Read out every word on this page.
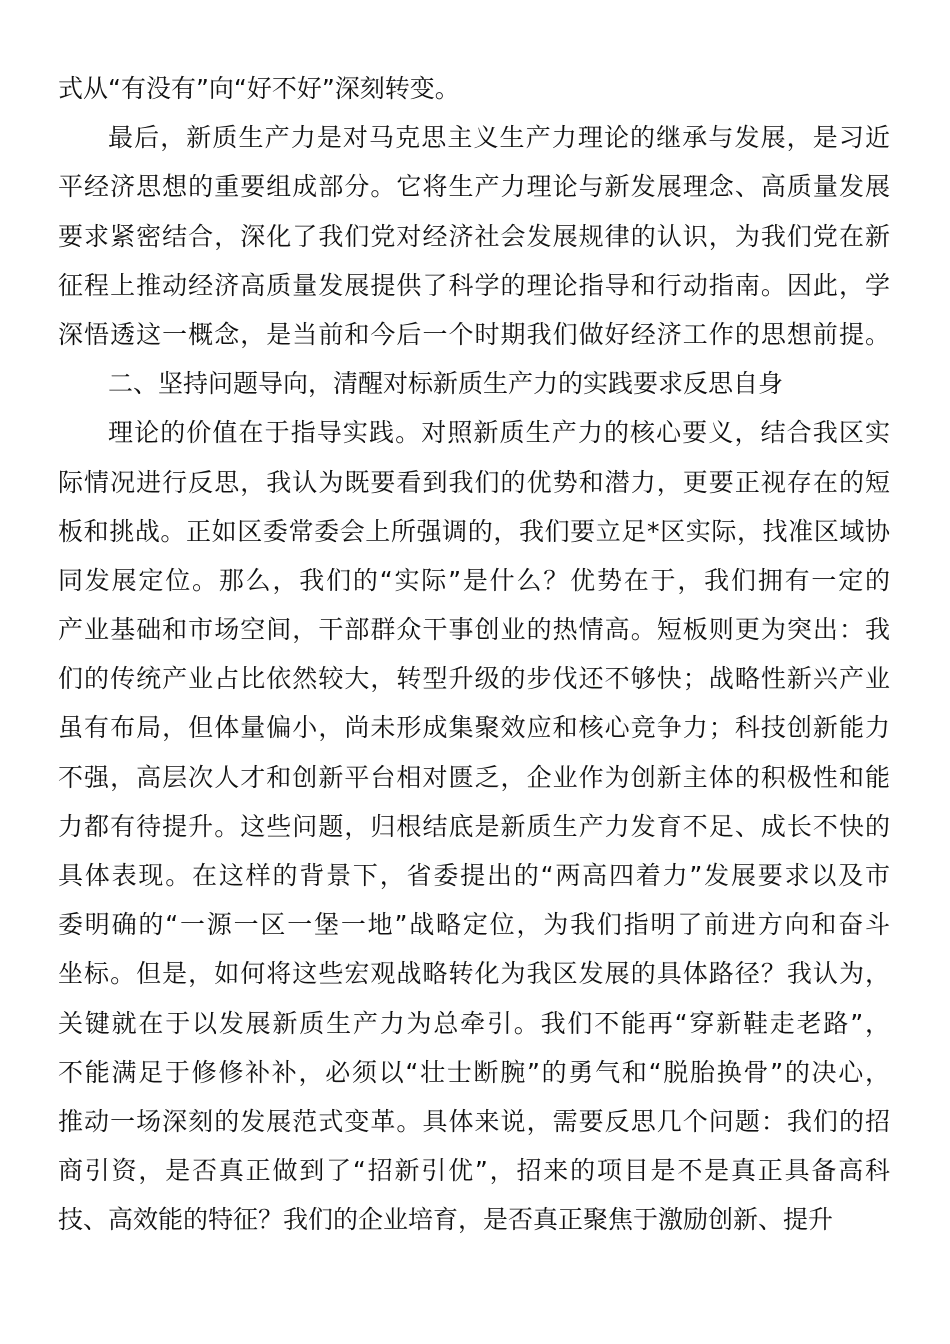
式从“有没有”向“好不好”深刻转变。
最后，新质生产力是对马克思主义生产力理论的继承与发展，是习近
平经济思想的重要组成部分。它将生产力理论与新发展理念、高质量发展
要求紧密结合，深化了我们党对经济社会发展规律的认识，为我们党在新
征程上推动经济高质量发展提供了科学的理论指导和行动指南。因此，学
深悟透这一概念，是当前和今后一个时期我们做好经济工作的思想前提。
二、坚持问题导向，清醒对标新质生产力的实践要求反思自身
理论的价值在于指导实践。对照新质生产力的核心要义，结合我区实
际情况进行反思，我认为既要看到我们的优势和潜力，更要正视存在的短
板和挑战。正如区委常委会上所强调的，我们要立足*区实际，找准区域协
同发展定位。那么，我们的“实际”是什么？优势在于，我们拥有一定的
产业基础和市场空间，干部群众干事创业的热情高。短板则更为突出：我
们的传统产业占比依然较大，转型升级的步伐还不够快；战略性新兴产业
虽有布局，但体量偏小，尚未形成集聚效应和核心竞争力；科技创新能力
不强，高层次人才和创新平台相对匮乏，企业作为创新主体的积极性和能
力都有待提升。这些问题，归根结底是新质生产力发育不足、成长不快的
具体表现。在这样的背景下，省委提出的“两高四着力”发展要求以及市
委明确的“一源一区一堡一地”战略定位，为我们指明了前进方向和奋斗
坐标。但是，如何将这些宏观战略转化为我区发展的具体路径？我认为，
关键就在于以发展新质生产力为总牵引。我们不能再“穿新鞋走老路”，
不能满足于修修补补，必须以“壮士断腕”的勇气和“脱胎换骨”的决心，
推动一场深刻的发展范式变革。具体来说，需要反思几个问题：我们的招
商引资，是否真正做到了“招新引优”，招来的项目是不是真正具备高科
技、高效能的特征？我们的企业培育，是否真正聚焦于激励创新、提升
